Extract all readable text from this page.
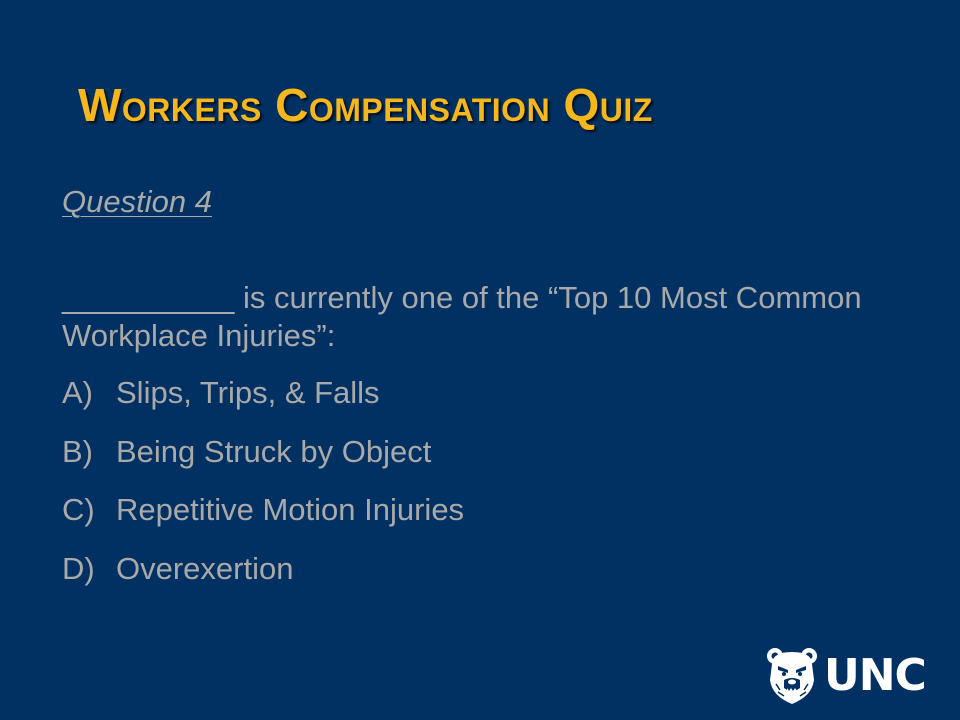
Workers Compensation Quiz
Question 4
__________ is currently one of the “Top 10 Most Common Workplace Injuries”:
A) Slips, Trips, & Falls
B) Being Struck by Object
C) Repetitive Motion Injuries
D) Overexertion
UNC
